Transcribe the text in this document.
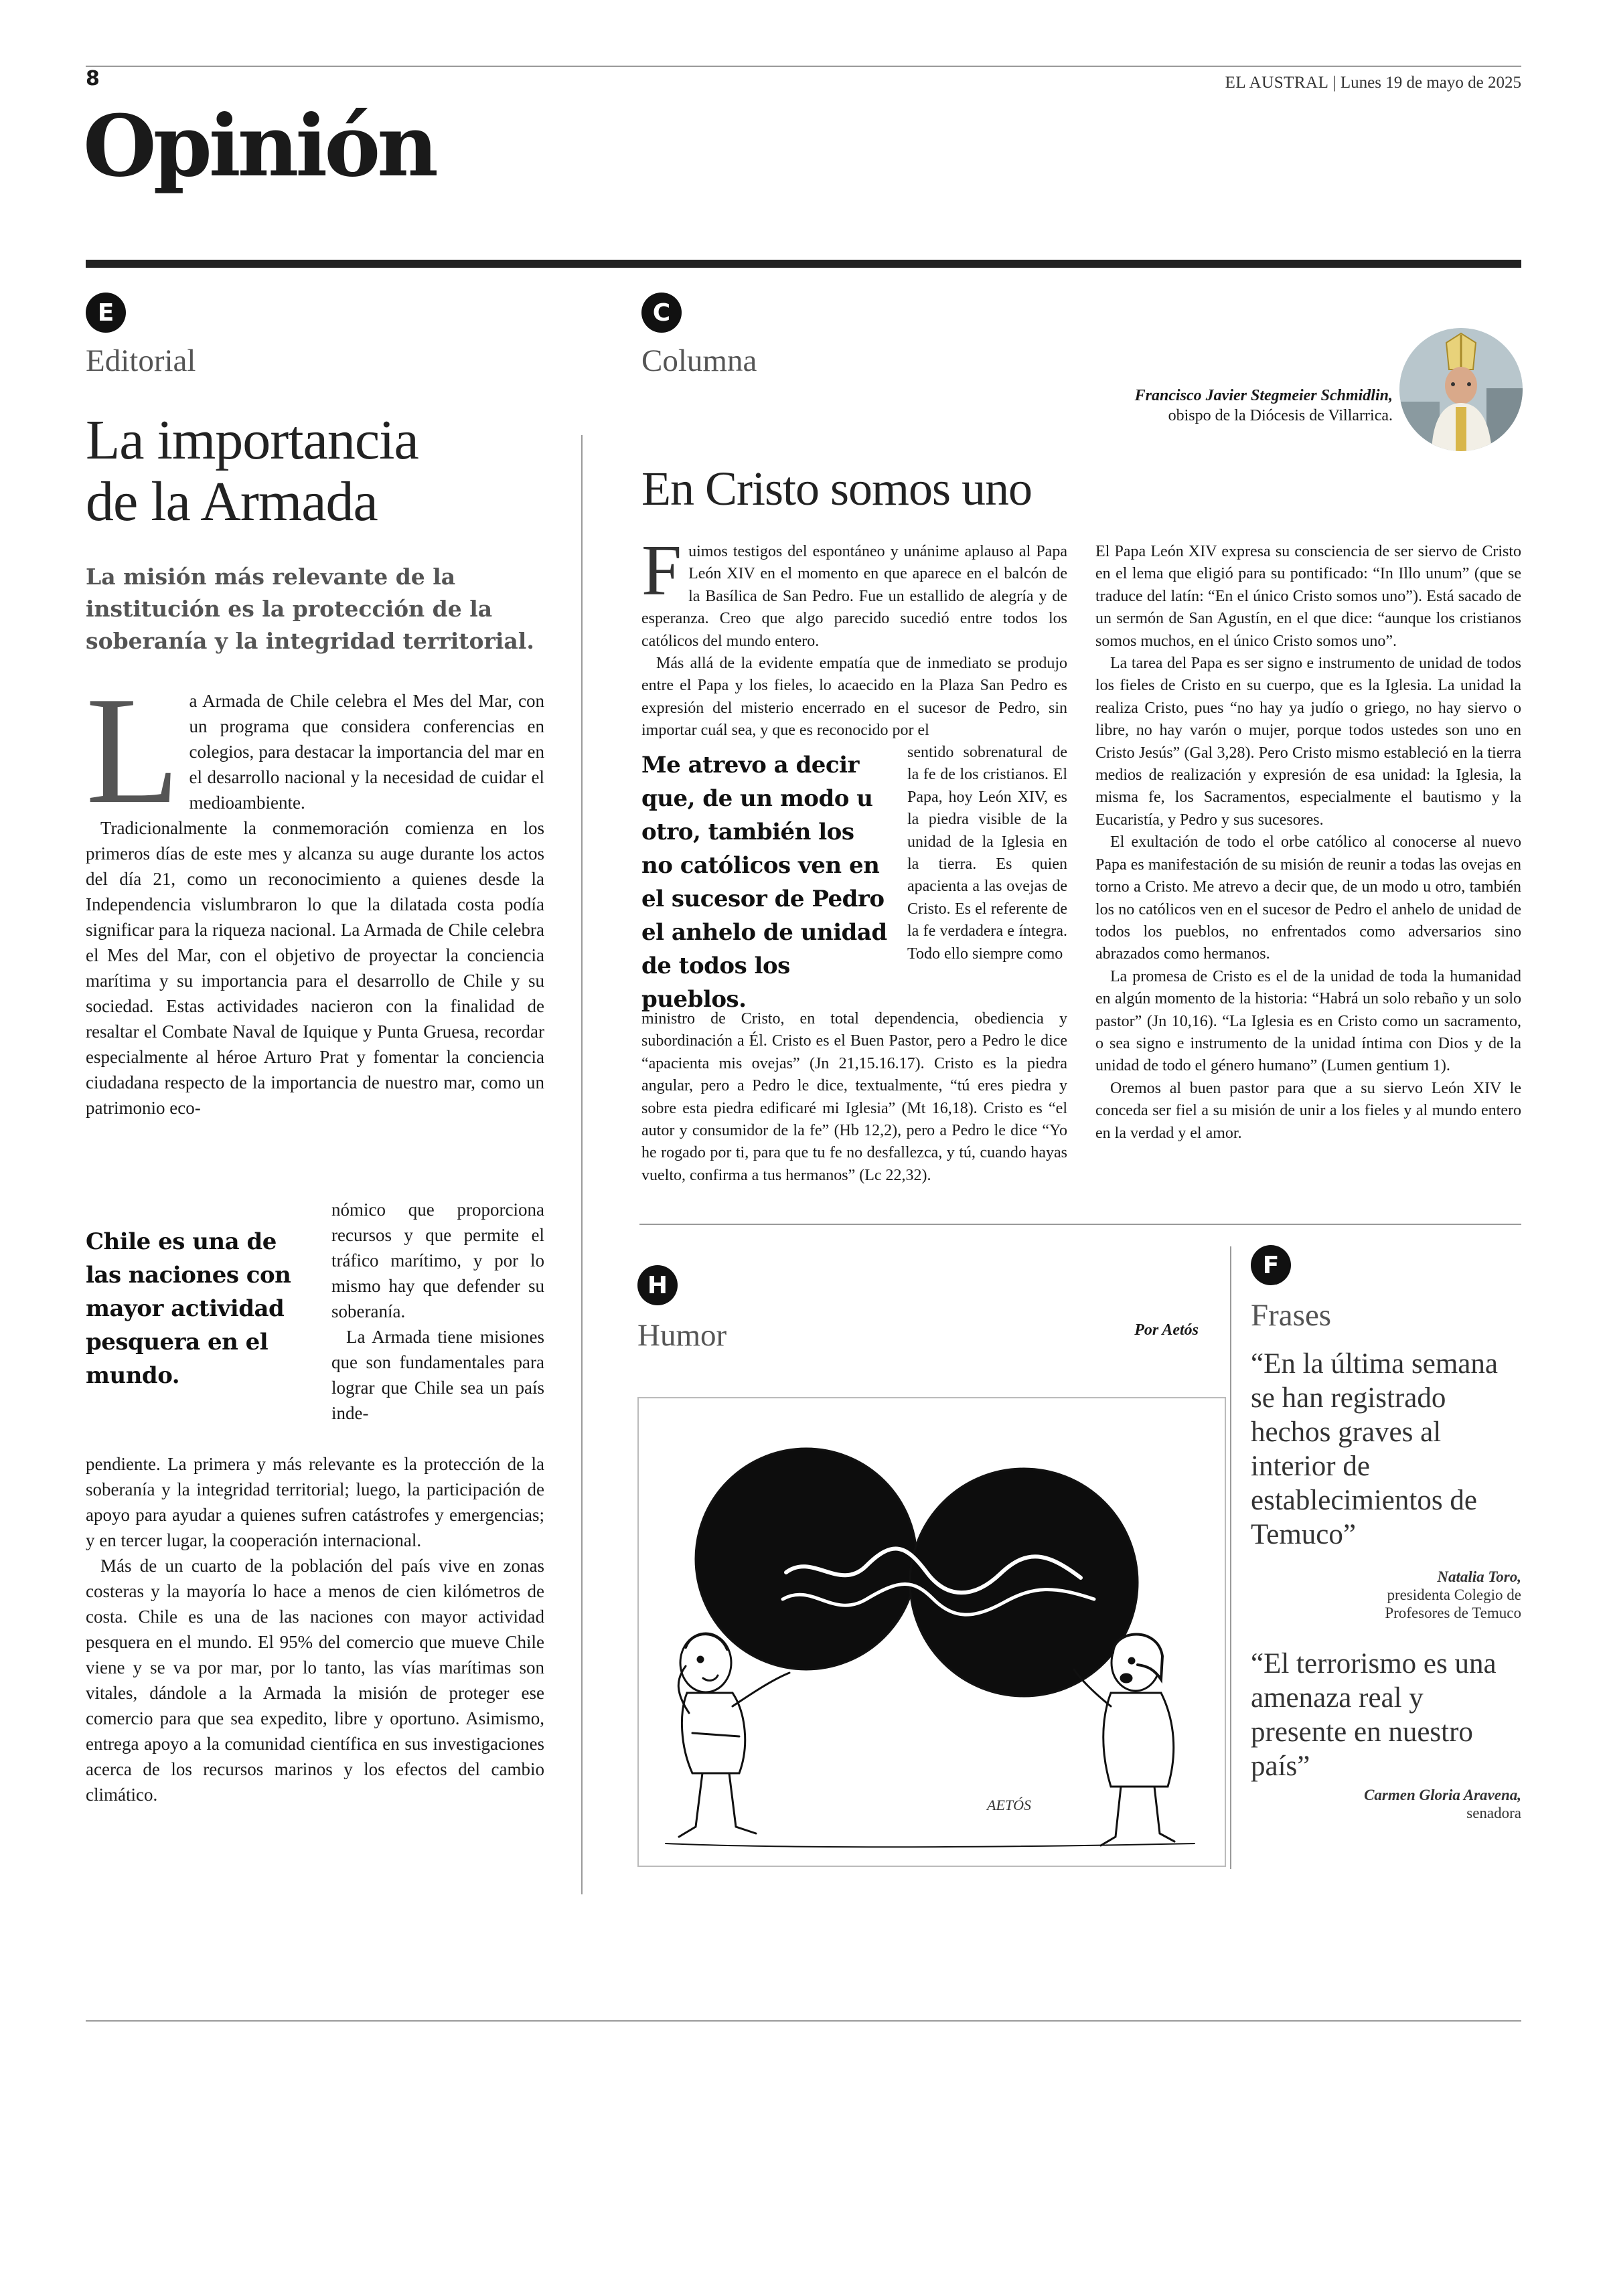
8	EL AUSTRAL | Lunes 19 de mayo de 2025
Opinión
E
Editorial
La importancia
de la Armada
La misión más relevante de la institución es la protección de la soberanía y la integridad territorial.

La Armada de Chile celebra el Mes del Mar, con un programa que considera conferencias en colegios, para destacar la importancia del mar en el desarrollo nacional y la necesidad de cuidar el medioambiente.

Tradicionalmente la conmemoración comienza en los primeros días de este mes y alcanza su auge durante los actos del día 21, como un reconocimiento a quienes desde la Independencia vislumbraron lo que la dilatada costa podía significar para la riqueza nacional. La Armada de Chile celebra el Mes del Mar, con el objetivo de proyectar la conciencia marítima y su importancia para el desarrollo de Chile y su sociedad. Estas actividades nacieron con la finalidad de resaltar el Combate Naval de Iquique y Punta Gruesa, recordar especialmente al héroe Arturo Prat y fomentar la conciencia ciudadana respecto de la importancia de nuestro mar, como un patrimonio eco-

nómico que proporciona recursos y que permite el tráfico marítimo, y por lo mismo hay que defender su soberanía.

La Armada tiene misiones que son fundamentales para lograr que Chile sea un país inde-

Chile es una de las naciones con mayor actividad pesquera en el mundo.

pendiente. La primera y más relevante es la protección de la soberanía y la integridad territorial; luego, la participación de apoyo para ayudar a quienes sufren catástrofes y emergencias; y en tercer lugar, la cooperación internacional.

Más de un cuarto de la población del país vive en zonas costeras y la mayoría lo hace a menos de cien kilómetros de costa. Chile es una de las naciones con mayor actividad pesquera en el mundo. El 95% del comercio que mueve Chile viene y se va por mar, por lo tanto, las vías marítimas son vitales, dándole a la Armada la misión de proteger ese comercio para que sea expedito, libre y oportuno. Asimismo, entrega apoyo a la comunidad científica en sus investigaciones acerca de los recursos marinos y los efectos del cambio climático.

C
Columna
Francisco Javier Stegmeier Schmidlin,
obispo de la Diócesis de Villarrica.
En Cristo somos uno

Fuimos testigos del espontáneo y unánime aplauso al Papa León XIV en el momento en que aparece en el balcón de la Basílica de San Pedro. Fue un estallido de alegría y de esperanza. Creo que algo parecido sucedió entre todos los católicos del mundo entero.

Más allá de la evidente empatía que de inmediato se produjo entre el Papa y los fieles, lo acaecido en la Plaza San Pedro es expresión del misterio encerrado en el sucesor de Pedro, sin importar cuál sea, y que es reconocido por el

Me atrevo a decir que, de un modo u otro, también los no católicos ven en el sucesor de Pedro el anhelo de unidad de todos los pueblos.
sentido sobrenatural de la fe de los cristianos. El Papa, hoy León XIV, es la piedra visible de la unidad de la Iglesia en la tierra. Es quien apacienta a las ovejas de Cristo. Es el referente de la fe verdadera e íntegra. Todo ello siempre como

ministro de Cristo, en total dependencia, obediencia y subordinación a Él. Cristo es el Buen Pastor, pero a Pedro le dice “apacienta mis ovejas” (Jn 21,15.16.17). Cristo es la piedra angular, pero a Pedro le dice, textualmente, “tú eres piedra y sobre esta piedra edificaré mi Iglesia” (Mt 16,18). Cristo es “el autor y consumidor de la fe” (Hb 12,2), pero a Pedro le dice “Yo he rogado por ti, para que tu fe no desfallezca, y tú, cuando hayas vuelto, confirma a tus hermanos” (Lc 22,32).

El Papa León XIV expresa su consciencia de ser siervo de Cristo en el lema que eligió para su pontificado: “In Illo unum” (que se traduce del latín: “En el único Cristo somos uno”). Está sacado de un sermón de San Agustín, en el que dice: “aunque los cristianos somos muchos, en el único Cristo somos uno”.

La tarea del Papa es ser signo e instrumento de unidad de todos los fieles de Cristo en su cuerpo, que es la Iglesia. La unidad la realiza Cristo, pues “no hay ya judío o griego, no hay siervo o libre, no hay varón o mujer, porque todos ustedes son uno en Cristo Jesús” (Gal 3,28). Pero Cristo mismo estableció en la tierra medios de realización y expresión de esa unidad: la Iglesia, la misma fe, los Sacramentos, especialmente el bautismo y la Eucaristía, y Pedro y sus sucesores.

El exultación de todo el orbe católico al conocerse al nuevo Papa es manifestación de su misión de reunir a todas las ovejas en torno a Cristo. Me atrevo a decir que, de un modo u otro, también los no católicos ven en el sucesor de Pedro el anhelo de unidad de todos los pueblos, no enfrentados como adversarios sino abrazados como hermanos.

La promesa de Cristo es el de la unidad de toda la humanidad en algún momento de la historia: “Habrá un solo rebaño y un solo pastor” (Jn 10,16). “La Iglesia es en Cristo como un sacramento, o sea signo e instrumento de la unidad íntima con Dios y de la unidad de todo el género humano” (Lumen gentium 1).

Oremos al buen pastor para que a su siervo León XIV le conceda ser fiel a su misión de unir a los fieles y al mundo entero en la verdad y el amor.

H
Humor	Por Aetós
AETÓS
F
Frases
“En la última semana se han registrado hechos graves al interior de establecimientos de Temuco”
Natalia Toro,
presidenta Colegio de
Profesores de Temuco
“El terrorismo es una amenaza real y presente en nuestro país”
Carmen Gloria Aravena,
senadora
